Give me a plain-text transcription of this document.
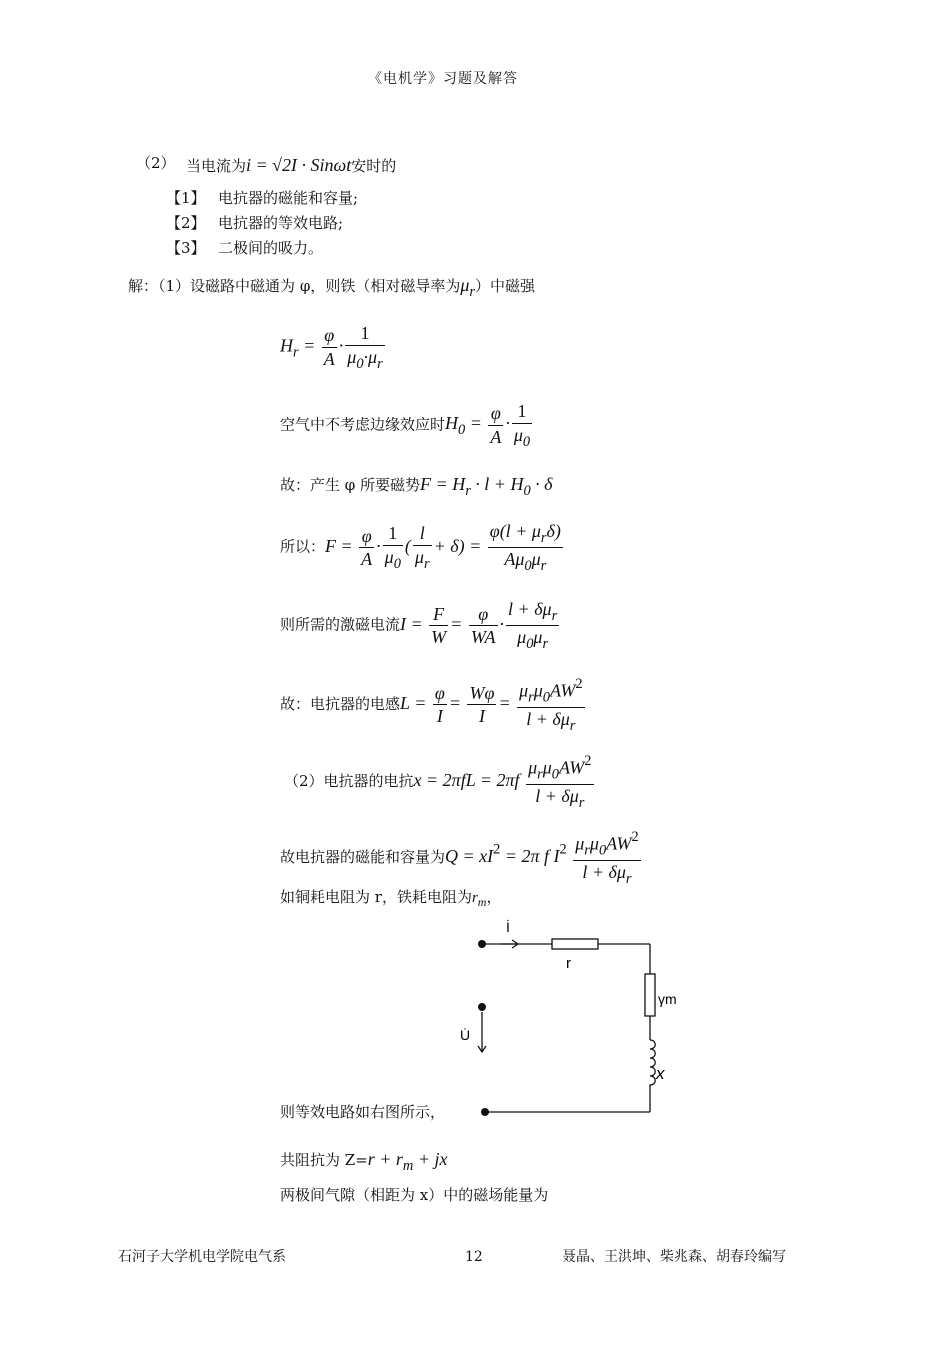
《电机学》习题及解答
（2） 当电流为i = √2I · Sinωt安时的
【1】 电抗器的磁能和容量;
【2】 电抗器的等效电路;
【3】 二极间的吸力。
解：（1）设磁路中磁通为 φ，则铁（相对磁导率为$\mu_r$）中磁强
$H_r = \frac{\varphi}{A} \cdot \frac{1}{\mu_0\cdot\mu_r}$
空气中不考虑边缘效应时$H_0 = \frac{\varphi}{A} \cdot \frac{1}{\mu_0}$
故：产生 φ 所要磁势$F = H_r \cdot l + H_0 \cdot \delta$
所以：$F = \frac{\varphi}{A} \cdot \frac{1}{\mu_0}$ ( $\frac{l}{\mu_r} + \delta) = \frac{\varphi(l + \mu_r\delta)}{A\mu_0\mu_r}$
则所需的激磁电流$I = \frac{F}{W} = \frac{\varphi}{WA} \cdot \frac{l + \delta\mu_r}{\mu_0\mu_r}$
故：电抗器的电感$L = \frac{\varphi}{I} = \frac{W\varphi}{I} = \frac{\mu_r\mu_0AW^2}{l + \delta\mu_r}$
（2）电抗器的电抗$x = 2\pi fL = 2\pi f \frac{\mu_r\mu_0AW^2}{l + \delta\mu_r}$
故电抗器的磁能和容量为$Q = xI^2 = 2\pi$ f $I^2 \frac{\mu_r\mu_0AW^2}{l + \delta\mu_r}$
如铜耗电阻为 r，铁耗电阻为$r_m$，
İ
r
γm
x
U̇
则等效电路如右图所示，
共阻抗为 $Z=r + r_m$ + jx
两极间气隙（相距为 x）中的磁场能量为
石河子大学机电学院电气系	12	聂晶、王洪坤、柴兆森、胡春玲编写
